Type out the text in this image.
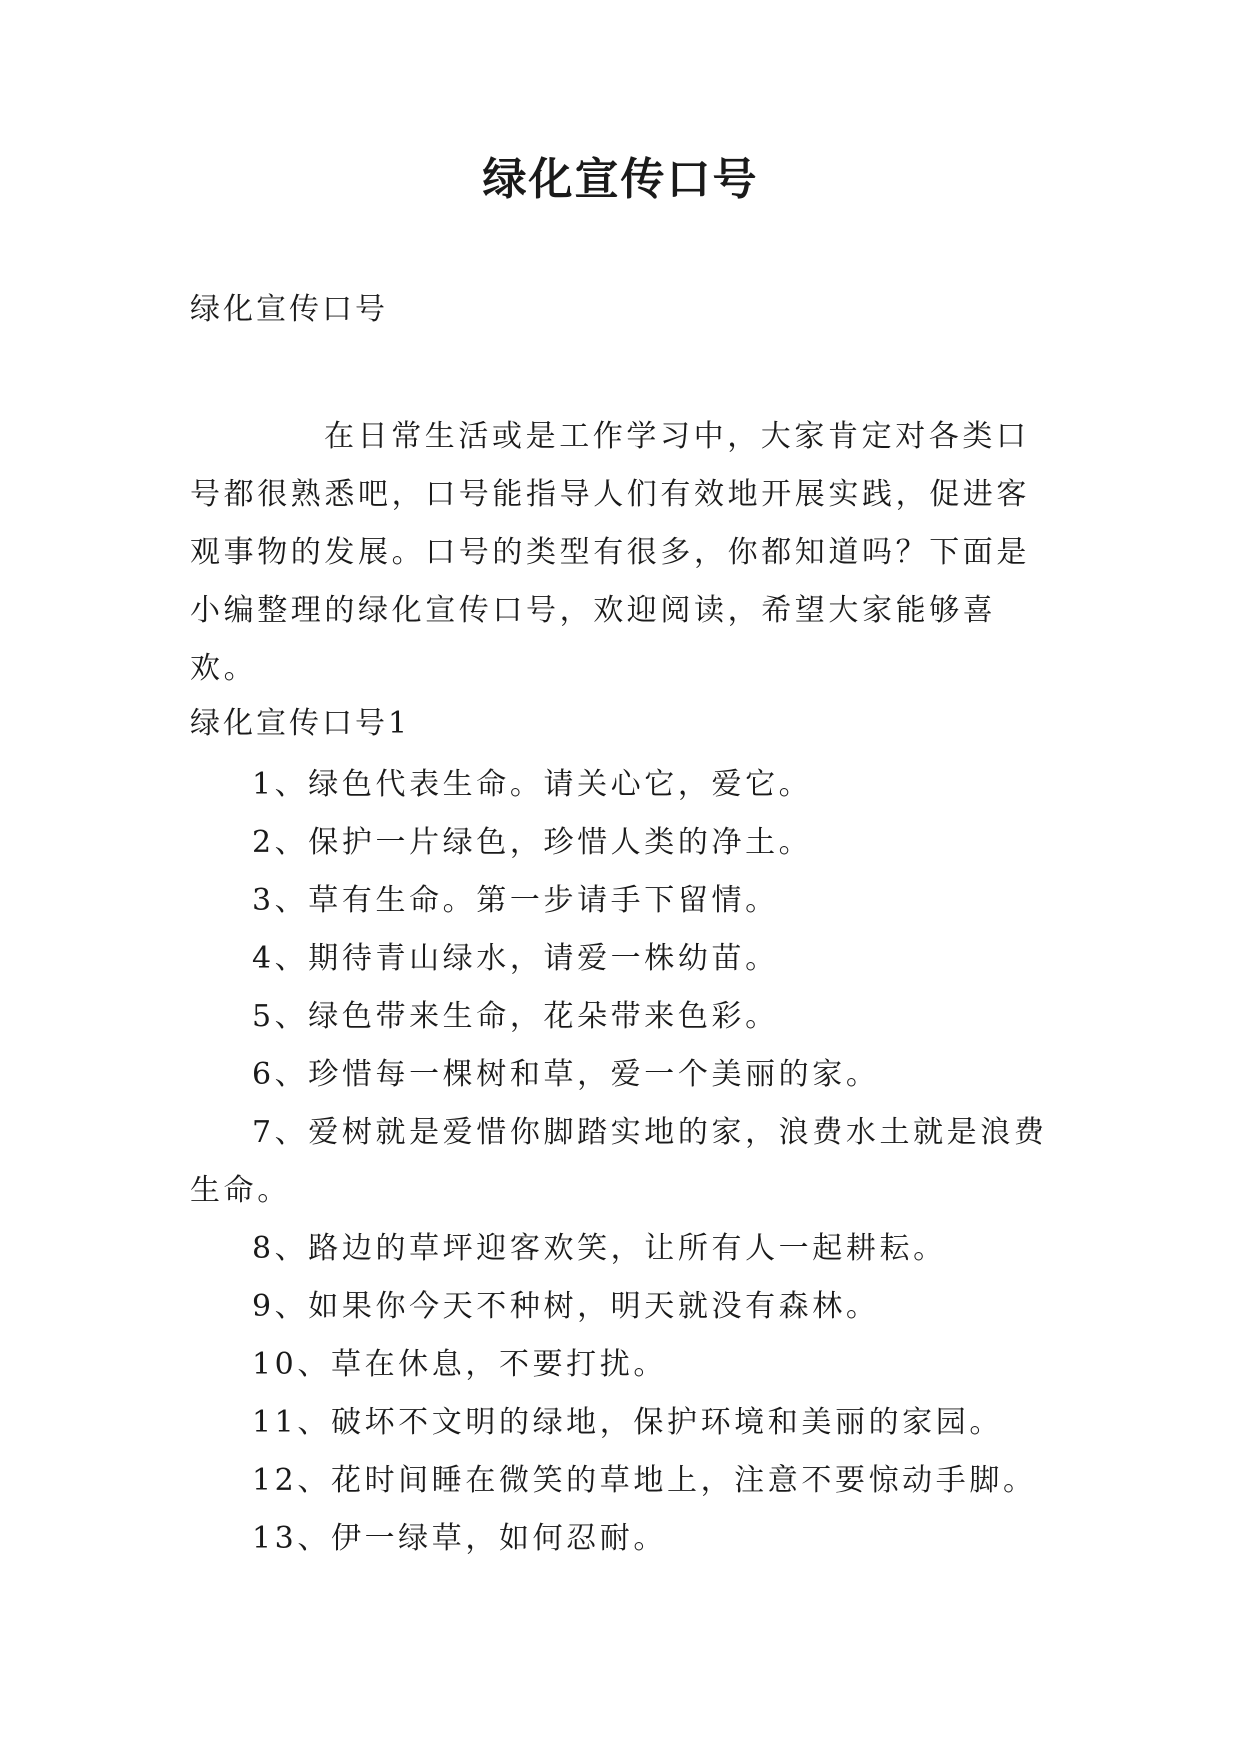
绿化宣传口号
绿化宣传口号

在日常生活或是工作学习中，大家肯定对各类口号都很熟悉吧，口号能指导人们有效地开展实践，促进客观事物的发展。口号的类型有很多，你都知道吗？下面是小编整理的绿化宣传口号，欢迎阅读，希望大家能够喜欢。

绿化宣传口号1
1、绿色代表生命。请关心它，爱它。
2、保护一片绿色，珍惜人类的净土。
3、草有生命。第一步请手下留情。
4、期待青山绿水，请爱一株幼苗。
5、绿色带来生命，花朵带来色彩。
6、珍惜每一棵树和草，爱一个美丽的家。
7、爱树就是爱惜你脚踏实地的家，浪费水土就是浪费生命。
8、路边的草坪迎客欢笑，让所有人一起耕耘。
9、如果你今天不种树，明天就没有森林。
10、草在休息，不要打扰。
11、破坏不文明的绿地，保护环境和美丽的家园。
12、花时间睡在微笑的草地上，注意不要惊动手脚。
13、伊一绿草，如何忍耐。
